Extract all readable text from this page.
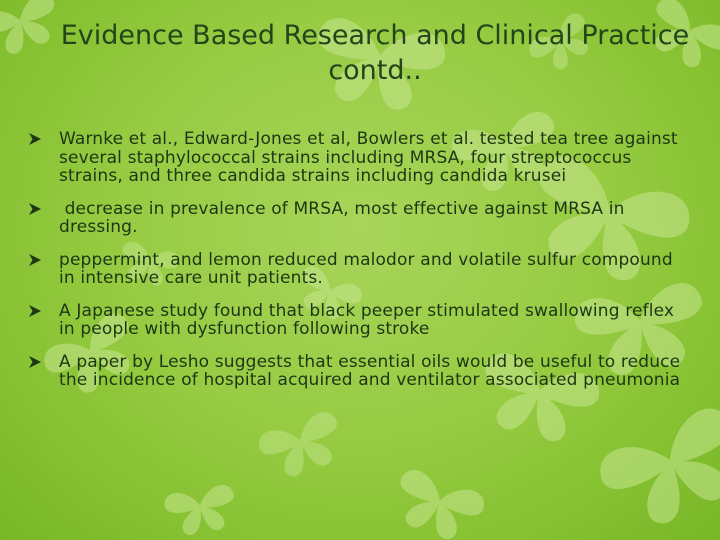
Evidence Based Research and Clinical Practice contd..
Warnke et al., Edward-Jones et al, Bowlers et al. tested tea tree against several staphylococcal strains including MRSA, four streptococcus strains, and three candida strains including candida krusei
decrease in prevalence of MRSA, most effective against MRSA in dressing.
peppermint, and lemon reduced malodor and volatile sulfur compound in intensive care unit patients.
A Japanese study found that black peeper stimulated swallowing reflex in people with dysfunction following stroke
A paper by Lesho suggests that essential oils would be useful to reduce the incidence of hospital acquired and ventilator associated pneumonia
